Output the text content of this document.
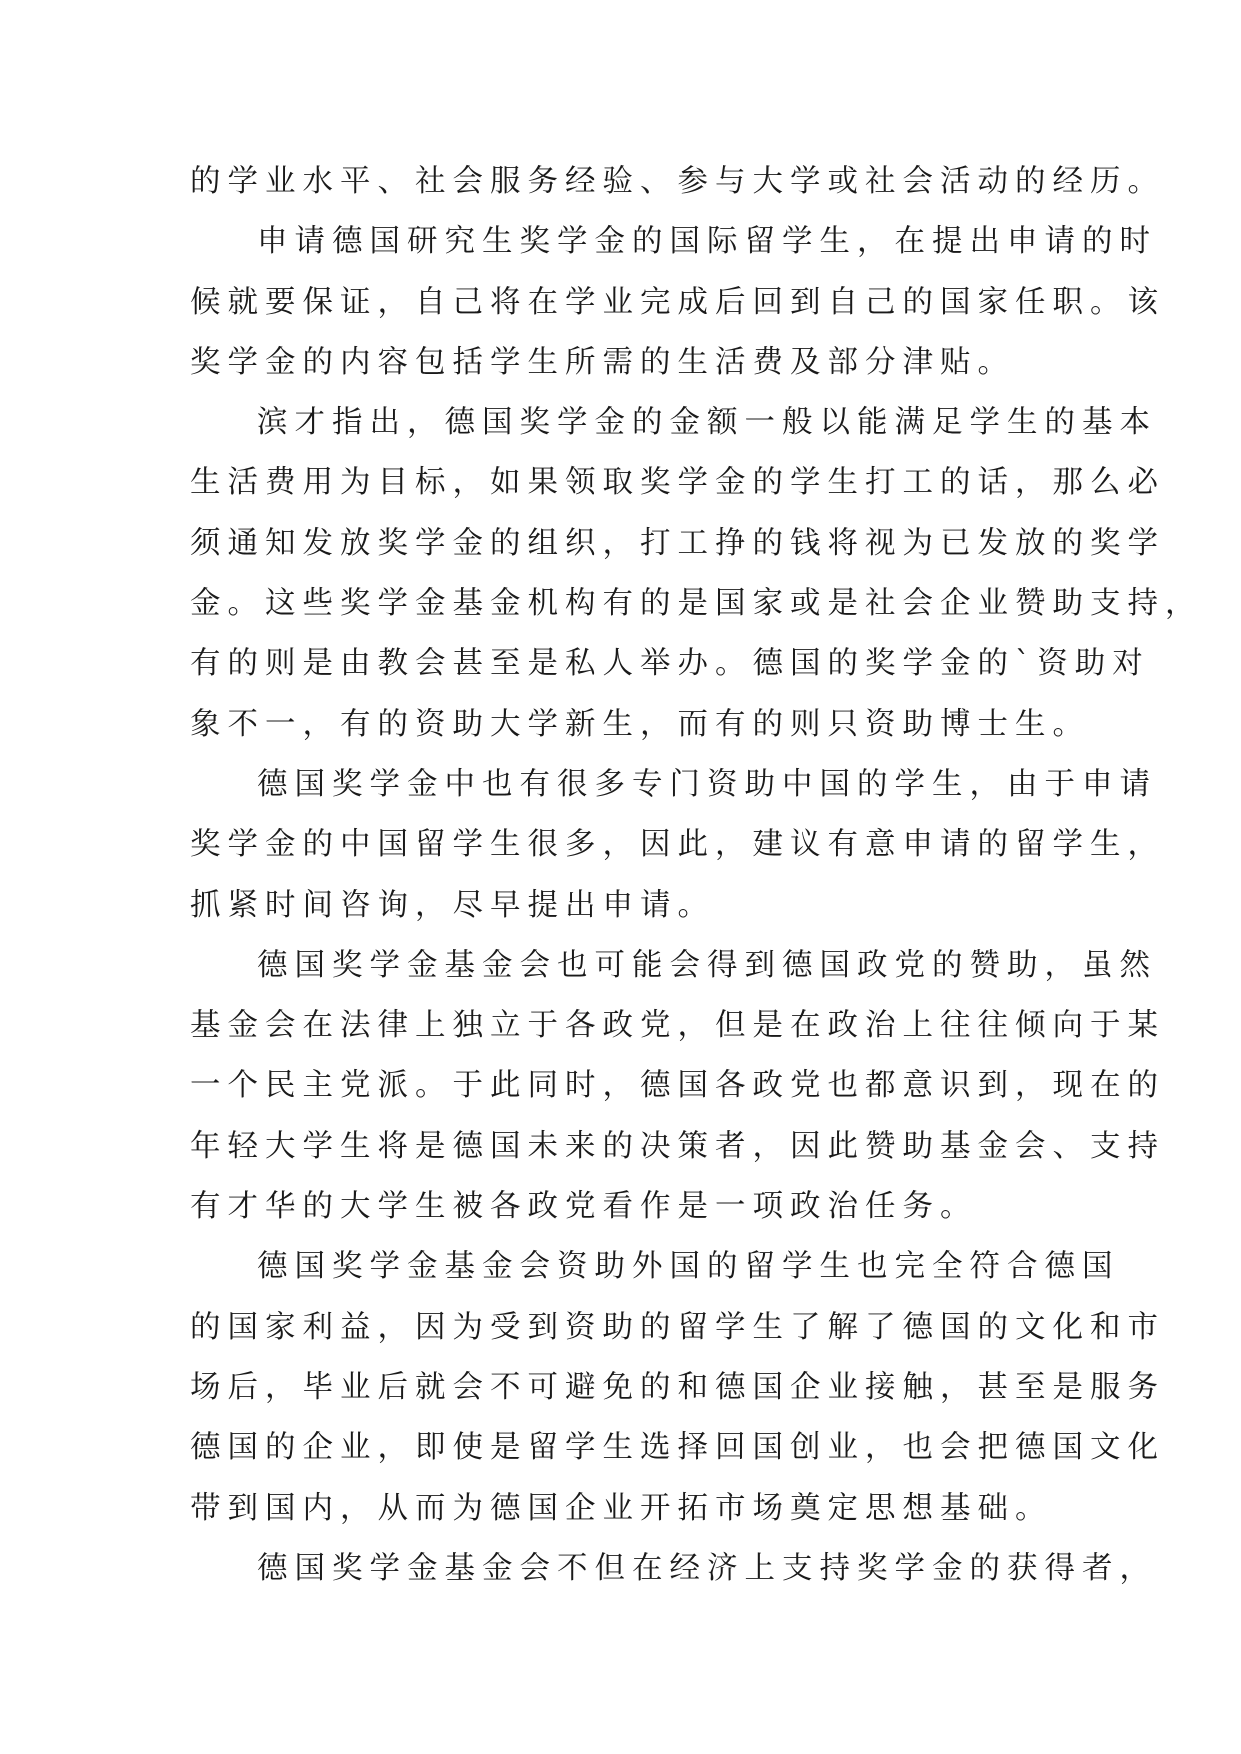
的学业水平、社会服务经验、参与大学或社会活动的经历。
申请德国研究生奖学金的国际留学生，在提出申请的时
候就要保证，自己将在学业完成后回到自己的国家任职。该
奖学金的内容包括学生所需的生活费及部分津贴。
滨才指出，德国奖学金的金额一般以能满足学生的基本
生活费用为目标，如果领取奖学金的学生打工的话，那么必
须通知发放奖学金的组织，打工挣的钱将视为已发放的奖学
金。这些奖学金基金机构有的是国家或是社会企业赞助支持，
有的则是由教会甚至是私人举办。德国的奖学金的`资助对
象不一，有的资助大学新生，而有的则只资助博士生。
德国奖学金中也有很多专门资助中国的学生，由于申请
奖学金的中国留学生很多，因此，建议有意申请的留学生，
抓紧时间咨询，尽早提出申请。
德国奖学金基金会也可能会得到德国政党的赞助，虽然
基金会在法律上独立于各政党，但是在政治上往往倾向于某
一个民主党派。于此同时，德国各政党也都意识到，现在的
年轻大学生将是德国未来的决策者，因此赞助基金会、支持
有才华的大学生被各政党看作是一项政治任务。
德国奖学金基金会资助外国的留学生也完全符合德国
的国家利益，因为受到资助的留学生了解了德国的文化和市
场后，毕业后就会不可避免的和德国企业接触，甚至是服务
德国的企业，即使是留学生选择回国创业，也会把德国文化
带到国内，从而为德国企业开拓市场奠定思想基础。
德国奖学金基金会不但在经济上支持奖学金的获得者，
